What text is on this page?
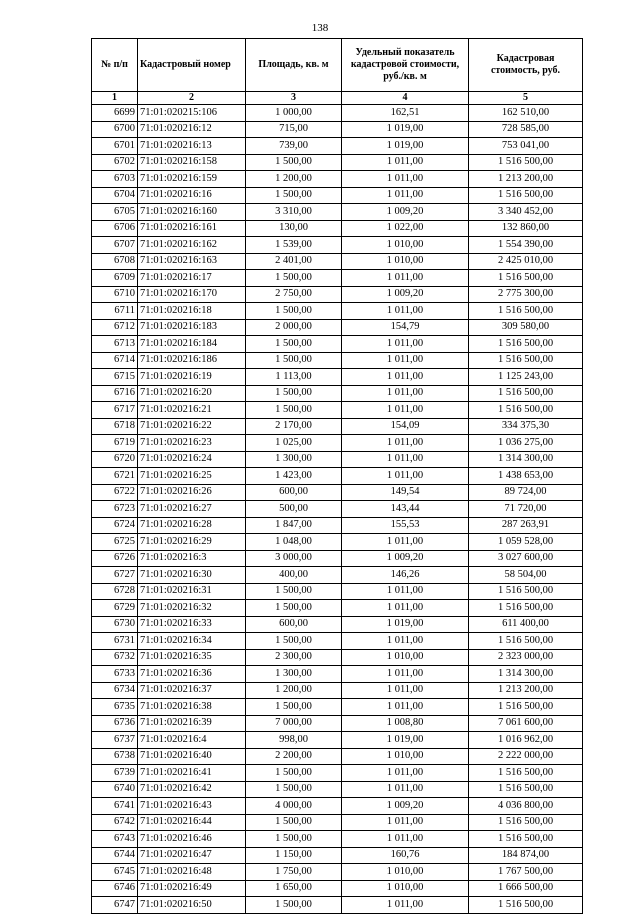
138
№ п/п	Кадастровый номер	Площадь, кв. м	Удельный показатель кадастровой стоимости, руб./кв. м	Кадастровая стоимость, руб.
1	2	3	4	5
6699	71:01:020215:106	1 000,00	162,51	162 510,00
6700	71:01:020216:12	715,00	1 019,00	728 585,00
6701	71:01:020216:13	739,00	1 019,00	753 041,00
6702	71:01:020216:158	1 500,00	1 011,00	1 516 500,00
6703	71:01:020216:159	1 200,00	1 011,00	1 213 200,00
6704	71:01:020216:16	1 500,00	1 011,00	1 516 500,00
6705	71:01:020216:160	3 310,00	1 009,20	3 340 452,00
6706	71:01:020216:161	130,00	1 022,00	132 860,00
6707	71:01:020216:162	1 539,00	1 010,00	1 554 390,00
6708	71:01:020216:163	2 401,00	1 010,00	2 425 010,00
6709	71:01:020216:17	1 500,00	1 011,00	1 516 500,00
6710	71:01:020216:170	2 750,00	1 009,20	2 775 300,00
6711	71:01:020216:18	1 500,00	1 011,00	1 516 500,00
6712	71:01:020216:183	2 000,00	154,79	309 580,00
6713	71:01:020216:184	1 500,00	1 011,00	1 516 500,00
6714	71:01:020216:186	1 500,00	1 011,00	1 516 500,00
6715	71:01:020216:19	1 113,00	1 011,00	1 125 243,00
6716	71:01:020216:20	1 500,00	1 011,00	1 516 500,00
6717	71:01:020216:21	1 500,00	1 011,00	1 516 500,00
6718	71:01:020216:22	2 170,00	154,09	334 375,30
6719	71:01:020216:23	1 025,00	1 011,00	1 036 275,00
6720	71:01:020216:24	1 300,00	1 011,00	1 314 300,00
6721	71:01:020216:25	1 423,00	1 011,00	1 438 653,00
6722	71:01:020216:26	600,00	149,54	89 724,00
6723	71:01:020216:27	500,00	143,44	71 720,00
6724	71:01:020216:28	1 847,00	155,53	287 263,91
6725	71:01:020216:29	1 048,00	1 011,00	1 059 528,00
6726	71:01:020216:3	3 000,00	1 009,20	3 027 600,00
6727	71:01:020216:30	400,00	146,26	58 504,00
6728	71:01:020216:31	1 500,00	1 011,00	1 516 500,00
6729	71:01:020216:32	1 500,00	1 011,00	1 516 500,00
6730	71:01:020216:33	600,00	1 019,00	611 400,00
6731	71:01:020216:34	1 500,00	1 011,00	1 516 500,00
6732	71:01:020216:35	2 300,00	1 010,00	2 323 000,00
6733	71:01:020216:36	1 300,00	1 011,00	1 314 300,00
6734	71:01:020216:37	1 200,00	1 011,00	1 213 200,00
6735	71:01:020216:38	1 500,00	1 011,00	1 516 500,00
6736	71:01:020216:39	7 000,00	1 008,80	7 061 600,00
6737	71:01:020216:4	998,00	1 019,00	1 016 962,00
6738	71:01:020216:40	2 200,00	1 010,00	2 222 000,00
6739	71:01:020216:41	1 500,00	1 011,00	1 516 500,00
6740	71:01:020216:42	1 500,00	1 011,00	1 516 500,00
6741	71:01:020216:43	4 000,00	1 009,20	4 036 800,00
6742	71:01:020216:44	1 500,00	1 011,00	1 516 500,00
6743	71:01:020216:46	1 500,00	1 011,00	1 516 500,00
6744	71:01:020216:47	1 150,00	160,76	184 874,00
6745	71:01:020216:48	1 750,00	1 010,00	1 767 500,00
6746	71:01:020216:49	1 650,00	1 010,00	1 666 500,00
6747	71:01:020216:50	1 500,00	1 011,00	1 516 500,00
